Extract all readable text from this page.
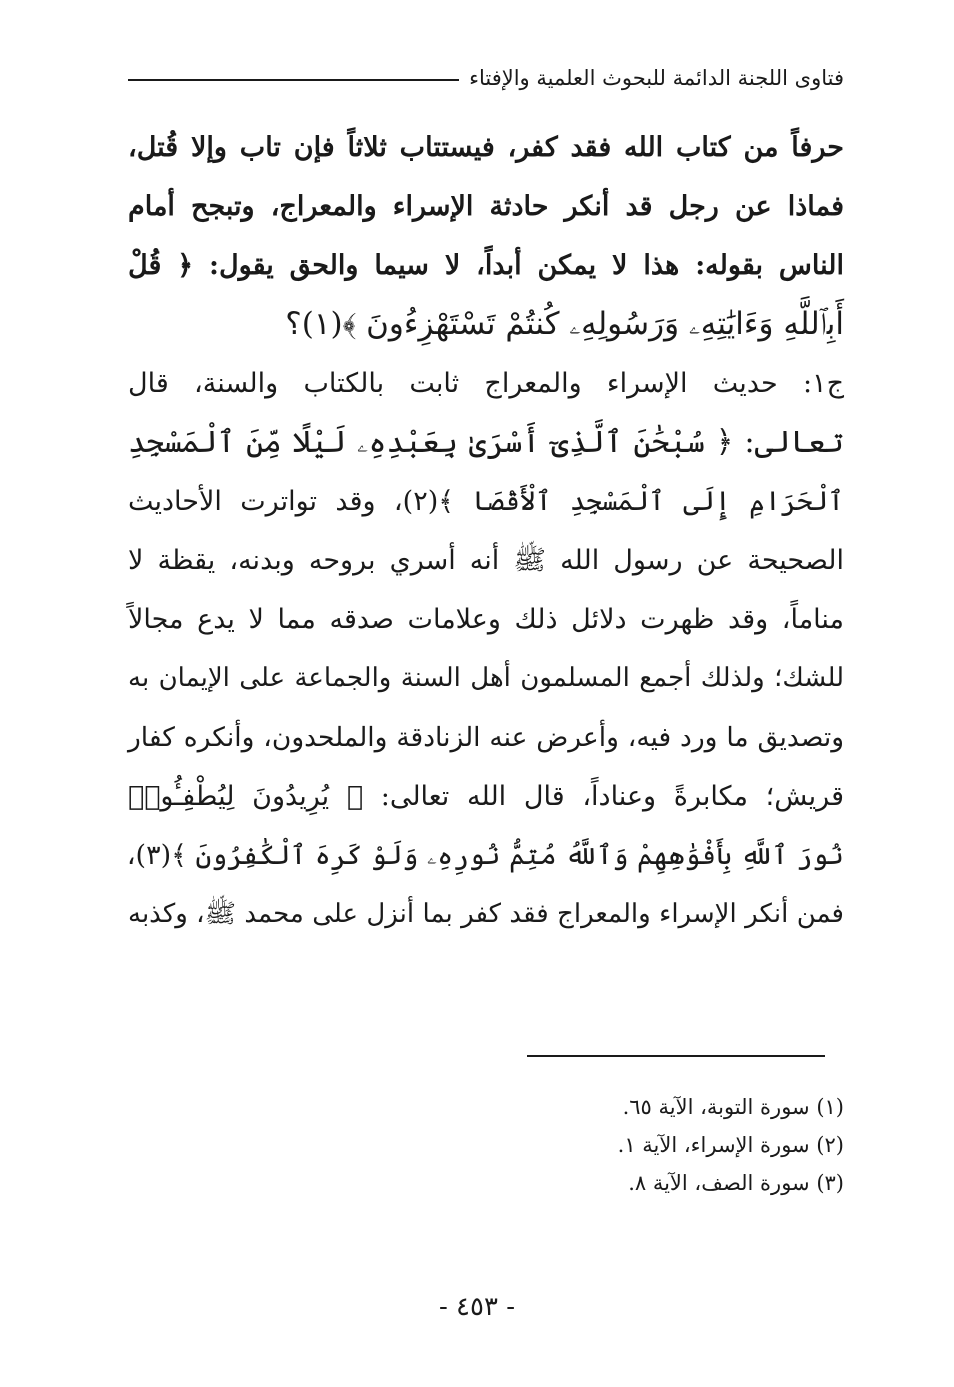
فتاوى اللجنة الدائمة للبحوث العلمية والإفتاء
حرفاً من كتاب الله فقد كفر، فيستتاب ثلاثاً فإن تاب وإلا قُتل،
فماذا عن رجل قد أنكر حادثة الإسراء والمعراج، وتبجح أمام
الناس بقوله: هذا لا يمكن أبداً، لا سيما والحق يقول: ﴿ قُلْ
أَبِٱللَّهِ وَءَايَٰتِهِۦ وَرَسُولِهِۦ كُنتُمْ تَسْتَهْزِءُونَ ﴾(١)؟
ج١: حديث الإسراء والمعراج ثابت بالكتاب والسنة، قال
تعالى: ﴿ سُبْحَٰنَ ٱلَّذِىٓ أَسْرَىٰ بِعَبْدِهِۦ لَيْلًا مِّنَ ٱلْمَسْجِدِ
ٱلْحَرَامِ إِلَى ٱلْمَسْجِدِ ٱلْأَقْصَا ﴾(٢)، وقد تواترت الأحاديث
الصحيحة عن رسول الله ﷺ أنه أسري بروحه وبدنه، يقظة لا
مناماً، وقد ظهرت دلائل ذلك وعلامات صدقه مما لا يدع مجالاً
للشك؛ ولذلك أجمع المسلمون أهل السنة والجماعة على الإيمان به
وتصديق ما ورد فيه، وأعرض عنه الزنادقة والملحدون، وأنكره كفار
قريش؛ مكابرةً وعناداً، قال الله تعالى: ﴿ يُرِيدُونَ لِيُطْفِـُٔوا۟
نُورَ ٱللَّهِ بِأَفْوَٰهِهِمْ وَٱللَّهُ مُتِمُّ نُورِهِۦ وَلَوْ كَرِهَ ٱلْكَٰفِرُونَ ﴾(٣)،
فمن أنكر الإسراء والمعراج فقد كفر بما أنزل على محمد ﷺ، وكذبه
(١) سورة التوبة، الآية ٦٥.
(٢) سورة الإسراء، الآية ١.
(٣) سورة الصف، الآية ٨.
- ٤٥٣ -
